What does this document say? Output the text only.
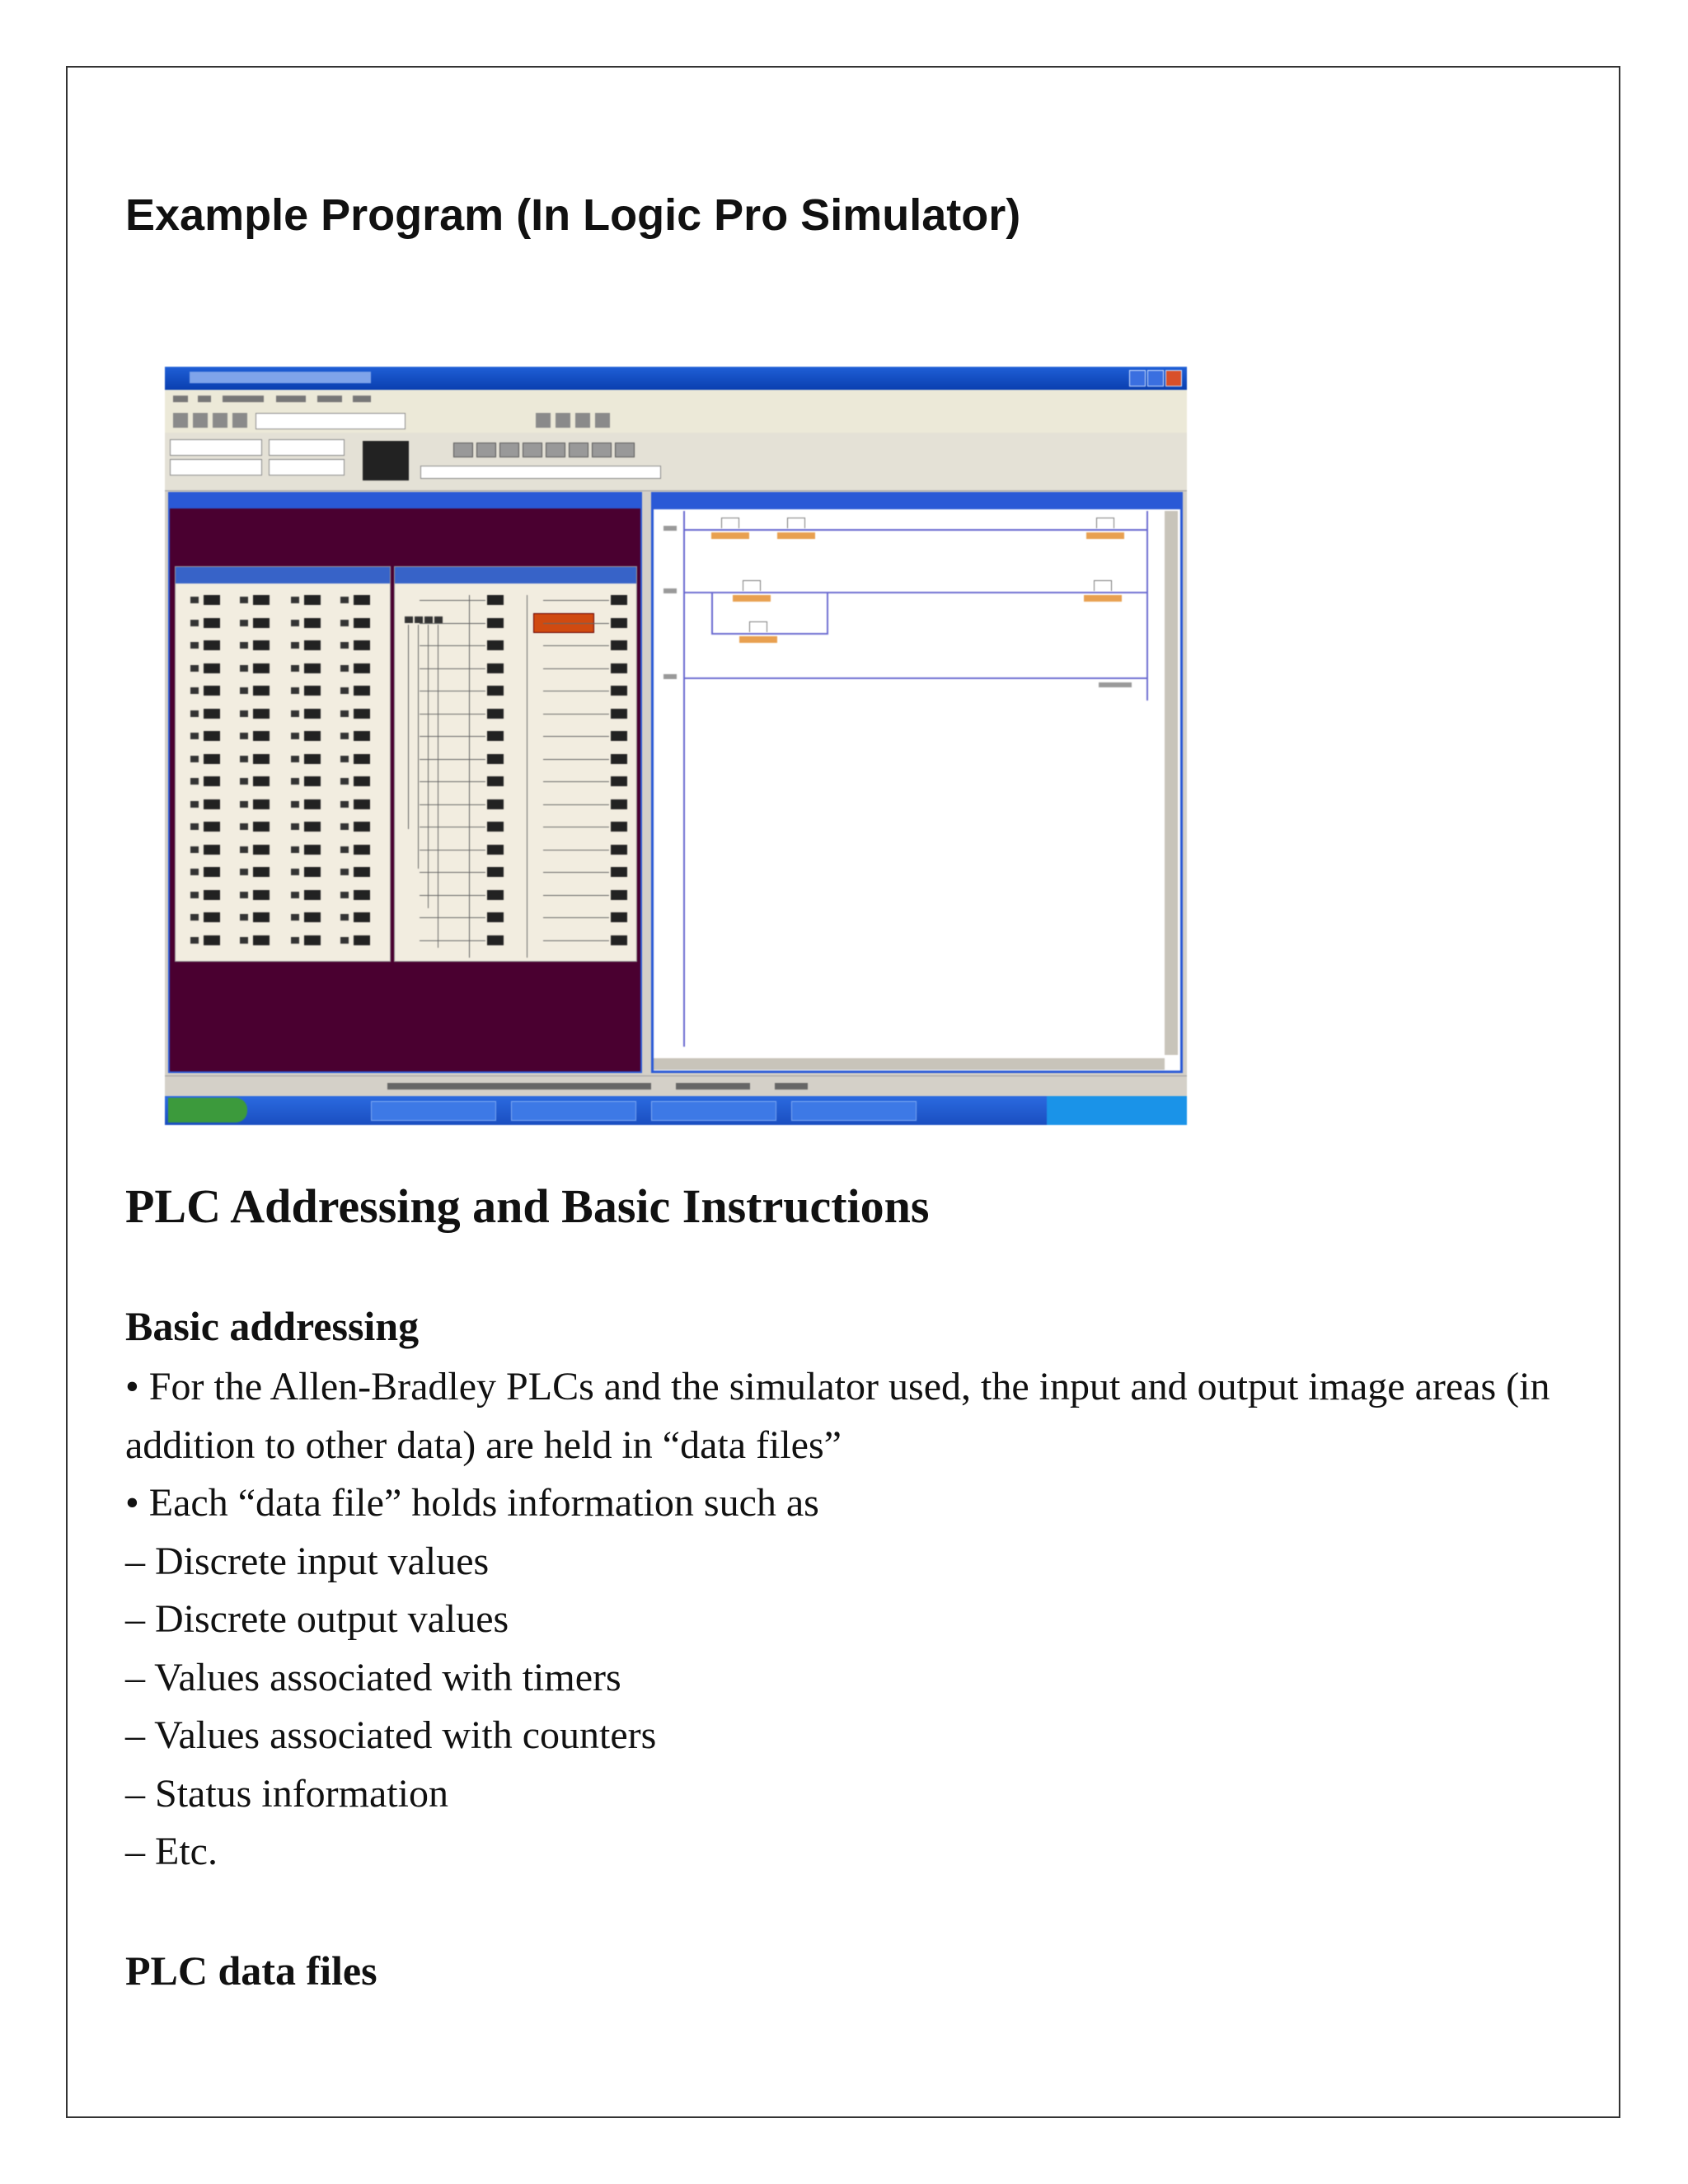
Example Program (In Logic Pro Simulator)
PLC Addressing and Basic Instructions
Basic addressing

• For the Allen-Bradley PLCs and the simulator used, the input and output image areas (in addition to other data) are held in “data files”

• Each “data file” holds information such as

– Discrete input values

– Discrete output values

– Values associated with timers

– Values associated with counters

– Status information

– Etc.

PLC data files
